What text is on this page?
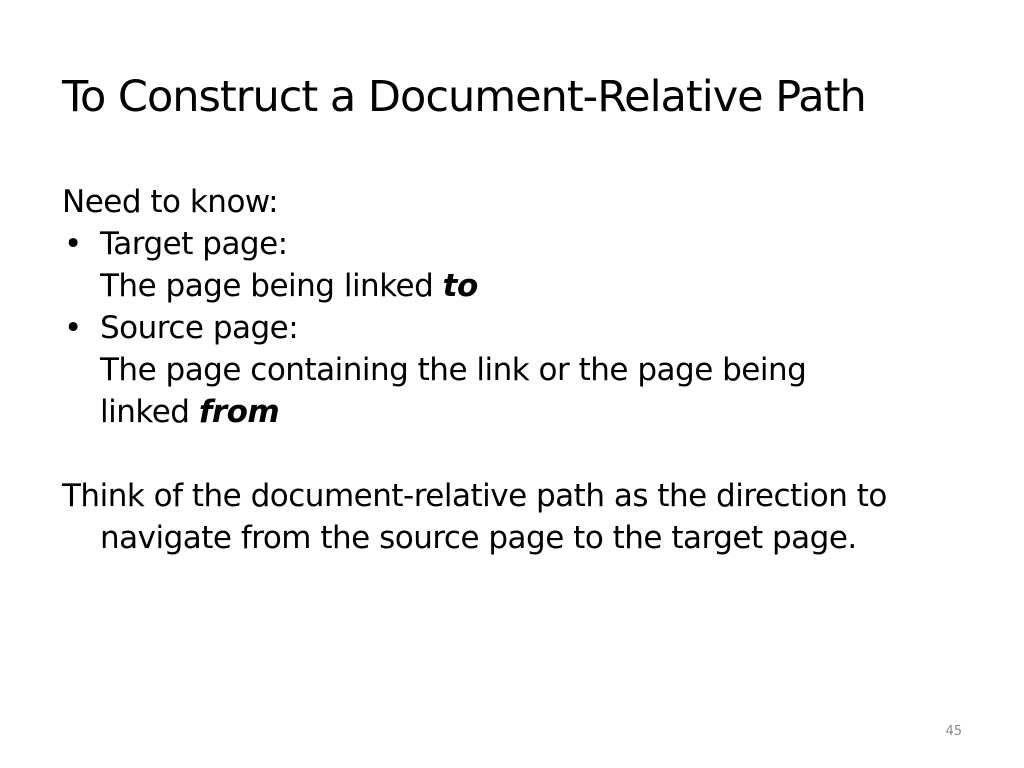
To Construct a Document-Relative Path

Need to know:

• Target page:
The page being linked to
• Source page:
The page containing the link or the page being
linked from

Think of the document-relative path as the direction to navigate from the source page to the target page.

45
